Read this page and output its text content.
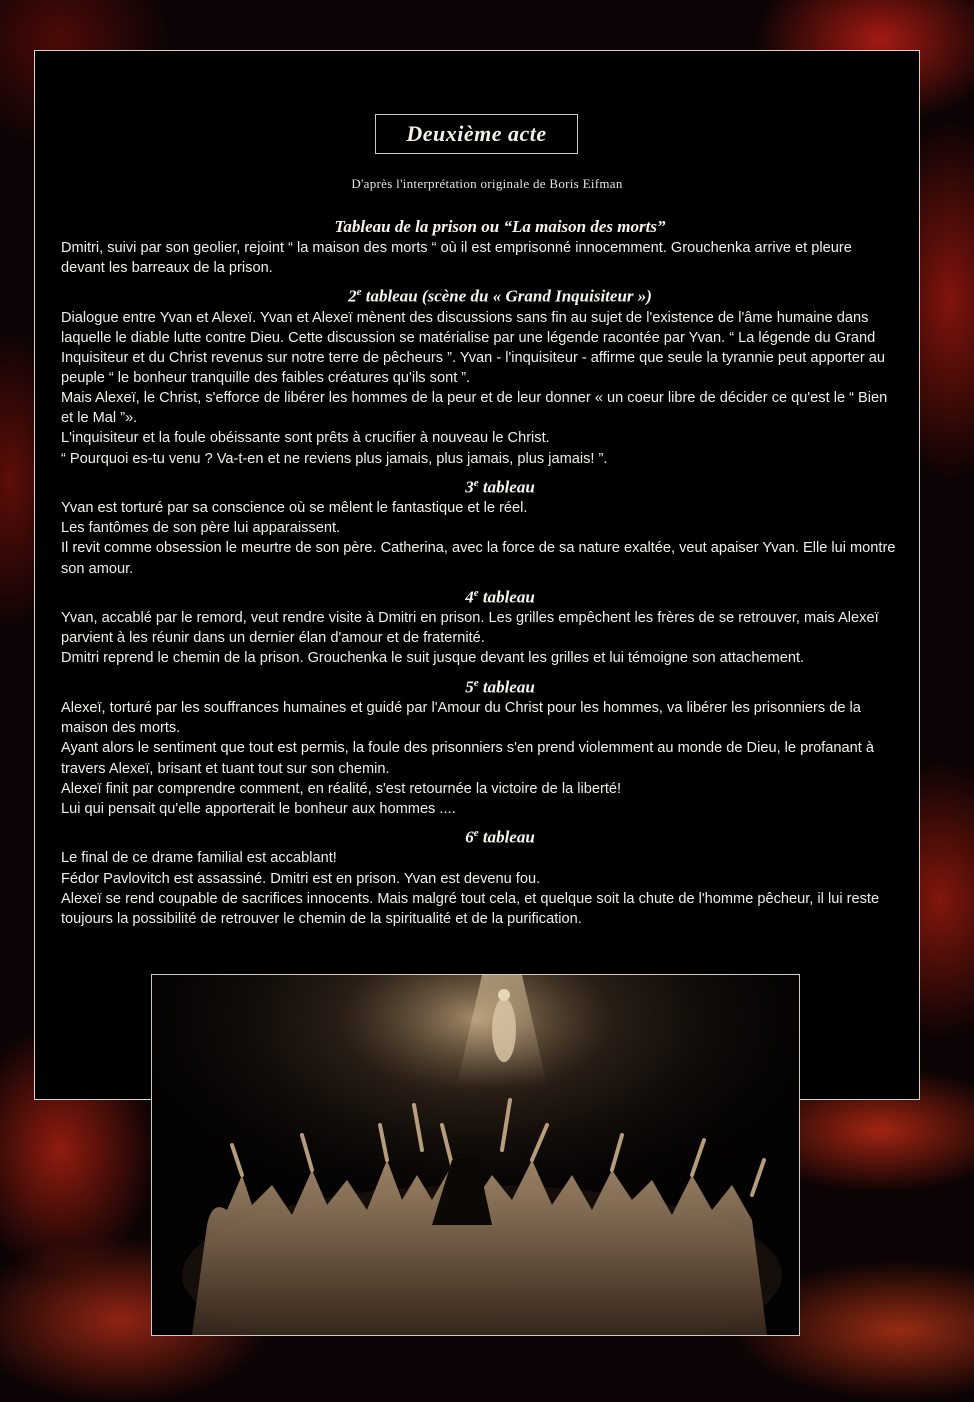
Deuxième acte
D'après l'interprétation originale de Boris Eifman
Tableau de la prison ou “La maison des morts”

Dmitri, suivi par son geolier, rejoint “ la maison des morts “ où il est emprisonné innocemment. Grouchenka arrive et pleure devant les barreaux de la prison.

2e tableau (scène du « Grand Inquisiteur »)

Dialogue entre Yvan et Alexeï. Yvan et Alexeï mènent des discussions sans fin au sujet de l'existence de l'âme humaine dans laquelle le diable lutte contre Dieu. Cette discussion se matérialise par une légende racontée par Yvan. “ La légende du Grand Inquisiteur et du Christ revenus sur notre terre de pêcheurs ”. Yvan - l'inquisiteur - affirme que seule la tyrannie peut apporter au peuple “ le bonheur tranquille des faibles créatures qu'ils sont ”.

Mais Alexeï, le Christ, s'efforce de libérer les hommes de la peur et de leur donner « un coeur libre de décider ce qu'est le “ Bien et le Mal ”».

L'inquisiteur et la foule obéissante sont prêts à crucifier à nouveau le Christ.

“ Pourquoi es-tu venu ? Va-t-en et ne reviens plus jamais, plus jamais, plus jamais! ”.

3e tableau

Yvan est torturé par sa conscience où se mêlent le fantastique et le réel.

Les fantômes de son père lui apparaissent.

Il revit comme obsession le meurtre de son père. Catherina, avec la force de sa nature exaltée, veut apaiser Yvan. Elle lui montre son amour.

4e tableau

Yvan, accablé par le remord, veut rendre visite à Dmitri en prison. Les grilles empêchent les frères de se retrouver, mais Alexeï parvient à les réunir dans un dernier élan d'amour et de fraternité.

Dmitri reprend le chemin de la prison. Grouchenka le suit jusque devant les grilles et lui témoigne son attachement.

5e tableau

Alexeï, torturé par les souffrances humaines et guidé par l'Amour du Christ pour les hommes, va libérer les prisonniers de la maison des morts.

Ayant alors le sentiment que tout est permis, la foule des prisonniers s'en prend violemment au monde de Dieu, le profanant à travers Alexeï, brisant et tuant tout sur son chemin.

Alexeï finit par comprendre comment, en réalité, s'est retournée la victoire de la liberté!

Lui qui pensait qu'elle apporterait le bonheur aux hommes ....

6e tableau

Le final de ce drame familial est accablant!

Fédor Pavlovitch est assassiné. Dmitri est en prison. Yvan est devenu fou.

Alexeï se rend coupable de sacrifices innocents. Mais malgré tout cela, et quelque soit la chute de l'homme pêcheur, il lui reste toujours la possibilité de retrouver le chemin de la spiritualité et de la purification.
